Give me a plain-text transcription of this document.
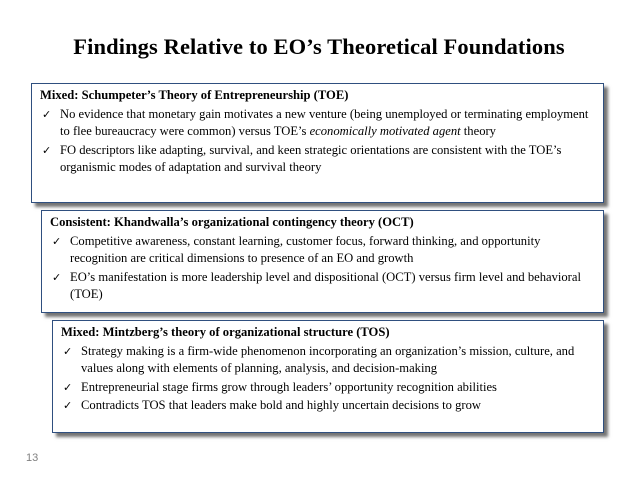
Findings Relative to EO’s Theoretical Foundations
Mixed: Schumpeter’s Theory of Entrepreneurship (TOE)
✓ No evidence that monetary gain motivates a new venture (being unemployed or terminating employment to flee bureaucracy were common) versus TOE’s economically motivated agent theory
✓ FO descriptors like adapting, survival, and keen strategic orientations are consistent with the TOE’s organismic modes of adaptation and survival theory
Consistent: Khandwalla’s organizational contingency theory (OCT)
✓ Competitive awareness, constant learning, customer focus, forward thinking, and opportunity recognition are critical dimensions to presence of an EO and growth
✓ EO’s manifestation is more leadership level and dispositional (OCT) versus firm level and behavioral (TOE)
Mixed: Mintzberg’s theory of organizational structure (TOS)
✓ Strategy making is a firm-wide phenomenon incorporating an organization’s mission, culture, and values along with elements of planning, analysis, and decision-making
✓ Entrepreneurial stage firms grow through leaders’ opportunity recognition abilities
✓ Contradicts TOS that leaders make bold and highly uncertain decisions to grow
13
